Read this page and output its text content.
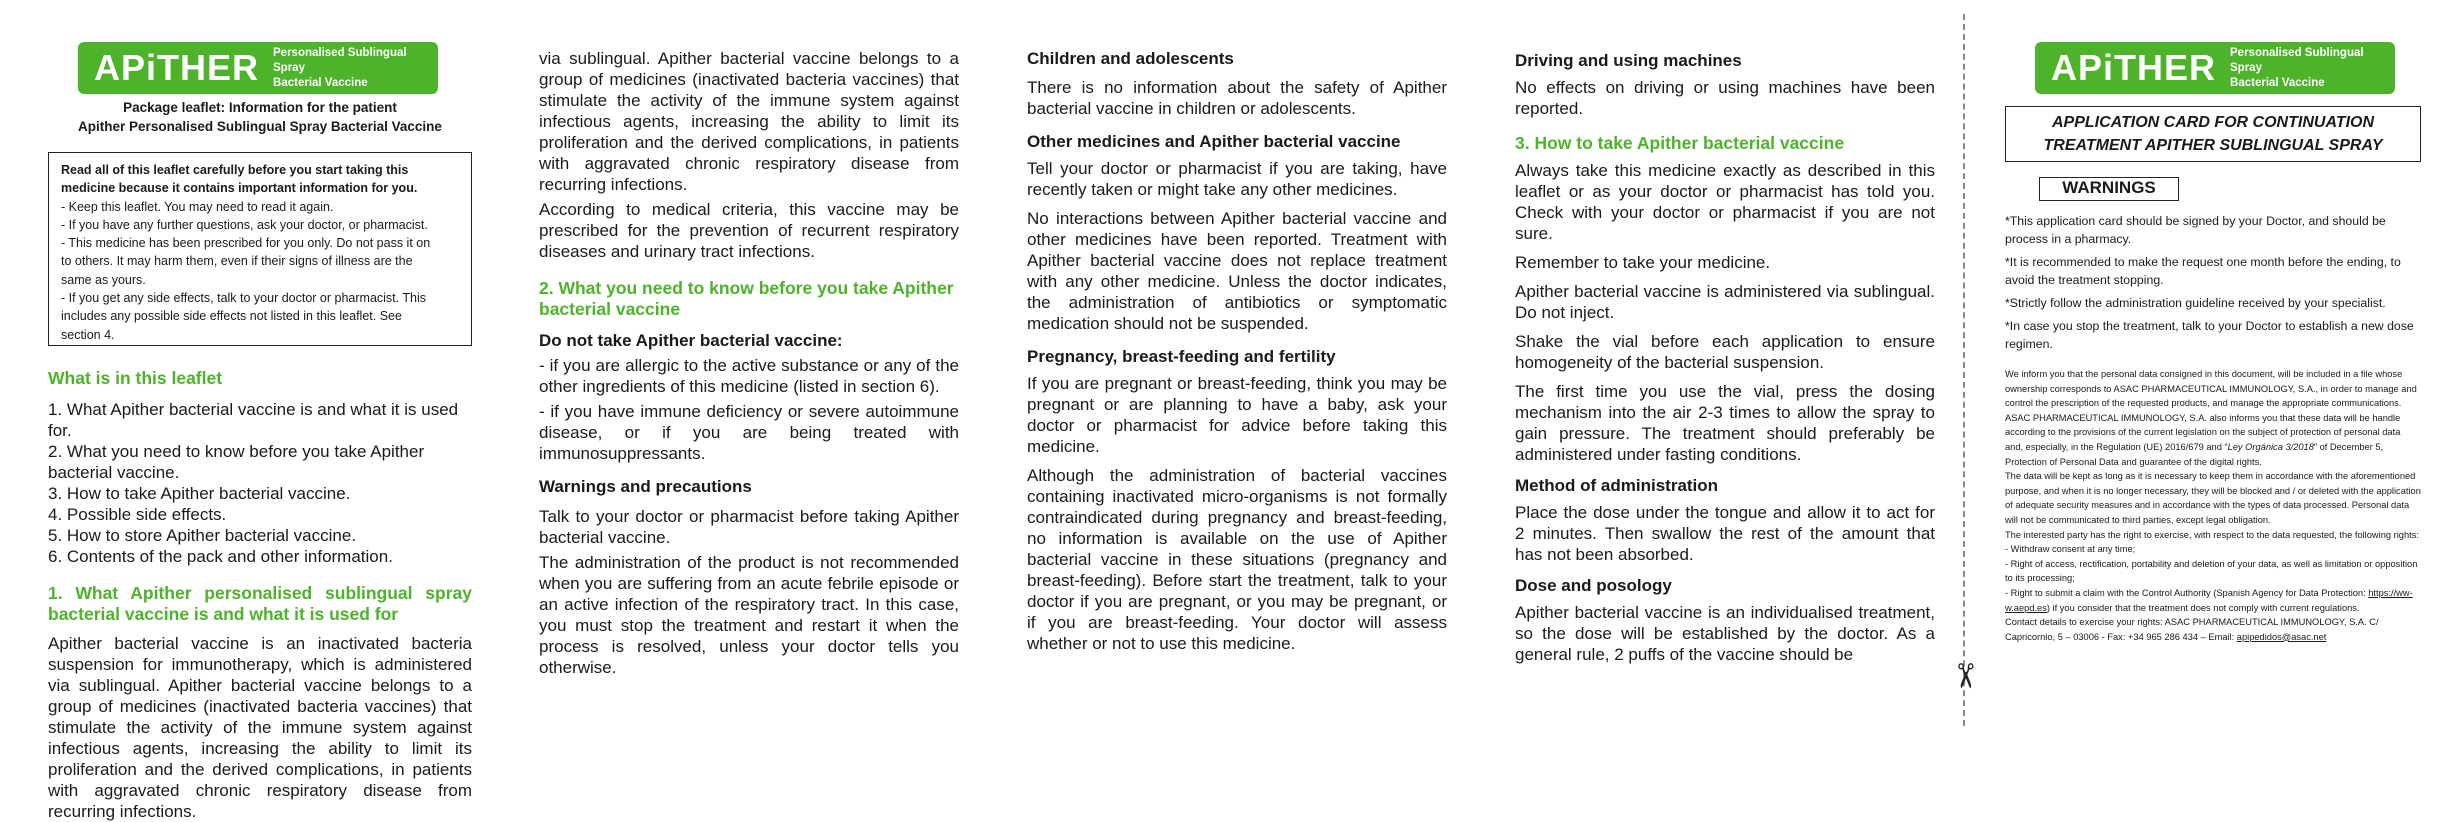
APiTHER Personalised Sublingual Spray
Bacterial Vaccine
Package leaflet: Information for the patient
Apither Personalised Sublingual Spray Bacterial Vaccine
Read all of this leaflet carefully before you start taking this
medicine because it contains important information for you.
- Keep this leaflet. You may need to read it again.
- If you have any further questions, ask your doctor, or pharmacist.
- This medicine has been prescribed for you only. Do not pass it on
to others. It may harm them, even if their signs of illness are the
same as yours.
- If you get any side effects, talk to your doctor or pharmacist. This
includes any possible side effects not listed in this leaflet. See
section 4.
What is in this leaflet
1. What Apither bacterial vaccine is and what it is used for.
2. What you need to know before you take Apither bacterial vaccine.
3. How to take Apither bacterial vaccine.
4. Possible side effects.
5. How to store Apither bacterial vaccine.
6. Contents of the pack and other information.
1. What Apither personalised sublingual spray bacterial vaccine is and what it is used for
Apither bacterial vaccine is an inactivated bacteria suspension for immunotherapy, which is administered via sublingual. Apither bacterial vaccine belongs to a group of medicines (inactivated bacteria vaccines) that stimulate the activity of the immune system against infectious agents, increasing the ability to limit its proliferation and the derived complications, in patients with aggravated chronic respiratory disease from recurring infections.
via sublingual. Apither bacterial vaccine belongs to a group of medicines (inactivated bacteria vaccines) that stimulate the activity of the immune system against infectious agents, increasing the ability to limit its proliferation and the derived complications, in patients with aggravated chronic respiratory disease from recurring infections.
According to medical criteria, this vaccine may be prescribed for the prevention of recurrent respiratory diseases and urinary tract infections.
2. What you need to know before you take Apither bacterial vaccine
Do not take Apither bacterial vaccine:
- if you are allergic to the active substance or any of the other ingredients of this medicine (listed in section 6).
- if you have immune deficiency or severe autoimmune disease, or if you are being treated with immunosuppressants.
Warnings and precautions
Talk to your doctor or pharmacist before taking Apither bacterial vaccine.
The administration of the product is not recommended when you are suffering from an acute febrile episode or an active infection of the respiratory tract. In this case, you must stop the treatment and restart it when the process is resolved, unless your doctor tells you otherwise.
Children and adolescents
There is no information about the safety of Apither bacterial vaccine in children or adolescents.
Other medicines and Apither bacterial vaccine
Tell your doctor or pharmacist if you are taking, have recently taken or might take any other medicines.
No interactions between Apither bacterial vaccine and other medicines have been reported. Treatment with Apither bacterial vaccine does not replace treatment with any other medicine. Unless the doctor indicates, the administration of antibiotics or symptomatic medication should not be suspended.
Pregnancy, breast-feeding and fertility
If you are pregnant or breast-feeding, think you may be pregnant or are planning to have a baby, ask your doctor or pharmacist for advice before taking this medicine.
Although the administration of bacterial vaccines containing inactivated micro-organisms is not formally contraindicated during pregnancy and breast-feeding, no information is available on the use of Apither bacterial vaccine in these situations (pregnancy and breast-feeding). Before start the treatment, talk to your doctor if you are pregnant, or you may be pregnant, or if you are breast-feeding. Your doctor will assess whether or not to use this medicine.
Driving and using machines
No effects on driving or using machines have been reported.
3. How to take Apither bacterial vaccine
Always take this medicine exactly as described in this leaflet or as your doctor or pharmacist has told you. Check with your doctor or pharmacist if you are not sure.
Remember to take your medicine.
Apither bacterial vaccine is administered via sublingual. Do not inject.
Shake the vial before each application to ensure homogeneity of the bacterial suspension.
The first time you use the vial, press the dosing mechanism into the air 2-3 times to allow the spray to gain pressure. The treatment should preferably be administered under fasting conditions.
Method of administration
Place the dose under the tongue and allow it to act for 2 minutes. Then swallow the rest of the amount that has not been absorbed.
Dose and posology
Apither bacterial vaccine is an individualised treatment, so the dose will be established by the doctor. As a general rule, 2 puffs of the vaccine should be
✂
APiTHER Personalised Sublingual Spray
Bacterial Vaccine
APPLICATION CARD FOR CONTINUATION
TREATMENT APITHER SUBLINGUAL SPRAY
WARNINGS
*This application card should be signed by your Doctor, and should be process in a pharmacy.
*It is recommended to make the request one month before the ending, to avoid the treatment stopping.
*Strictly follow the administration guideline received by your specialist.
*In case you stop the treatment, talk to your Doctor to establish a new dose regimen.
We inform you that the personal data consigned in this document, will be included in a file whose ownership corresponds to ASAC PHARMACEUTICAL IMMUNOLOGY, S.A., in order to manage and control the prescription of the requested products, and manage the appropriate communications. ASAC PHARMACEUTICAL IMMUNOLOGY, S.A. also informs you that these data will be handle according to the provisions of the current legislation on the subject of protection of personal data and, especially, in the Regulation (UE) 2016/679 and “Ley Orgánica 3/2018” of December 5, Protection of Personal Data and guarantee of the digital rights.
The data will be kept as long as it is necessary to keep them in accordance with the aforementioned purpose, and when it is no longer necessary, they will be blocked and / or deleted with the application of adequate security measures and in accordance with the types of data processed. Personal data will not be communicated to third parties, except legal obligation.
The interested party has the right to exercise, with respect to the data requested, the following rights:
- Withdraw consent at any time;
- Right of access, rectification, portability and deletion of your data, as well as limitation or opposition to its processing;
- Right to submit a claim with the Control Authority (Spanish Agency for Data Protection: https://ww-w.aepd.es) if you consider that the treatment does not comply with current regulations.
Contact details to exercise your rights: ASAC PHARMACEUTICAL IMMUNOLOGY, S.A. C/ Capricornio, 5 – 03006 - Fax: +34 965 286 434 – Email: apipedidos@asac.net
